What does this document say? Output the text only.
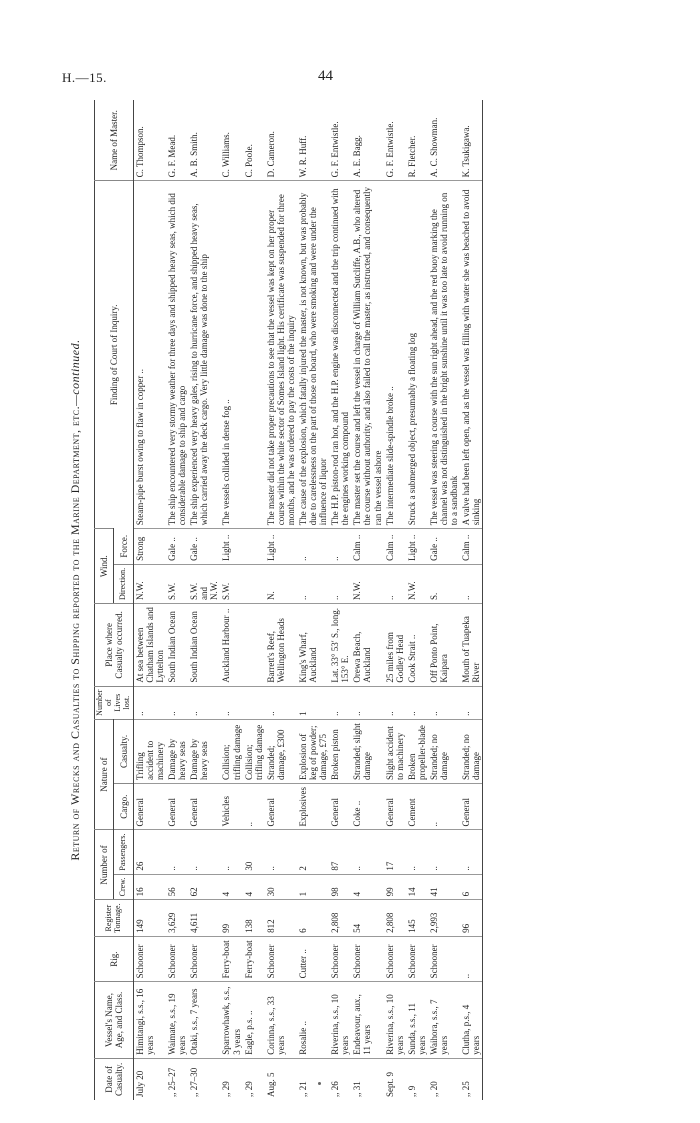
H.—15.	44
Return of Wrecks and Casualties to Shipping reported to the Marine Department, etc.—continued.
Date of Casualty.	Vessel's Name, Age, and Class.	Rig.	Register Tonnage.	Number of		Nature of		Number of Lives lost.	Place where Casualty occurred.	Wind.		Finding of Court of Inquiry.	Name of Master.
				Crew.	Passengers.	Cargo.	Casualty.			Direction.	Force.		
July 20	Himitangi, s.s., 16 years	Schooner	149	16	26	General	Trifling accident to machinery	..	At sea between Chatham Islands and Lyttelton	N.W.	Strong	Steam-pipe burst owing to flaw in copper ..	C. Thompson.
,, 25–27	Waimate, s.s., 19 years	Schooner	3,629	56	..	General	Damage by heavy seas	..	South Indian Ocean	S.W.	Gale ..	The ship encountered very stormy weather for three days and shipped heavy seas, which did considerable damage to ship and cargo	G. F. Mead.
,, 27–30	Otaki, s.s., 7 years	Schooner	4,611	62	..	General	Damage by heavy seas	..	South Indian Ocean	S.W. and N.W.	Gale ..	The ship experienced very heavy gales, rising to hurricane force, and shipped heavy seas, which carried away the deck cargo. Very little damage was done to the ship	A. B. Smith.
,, 29	Sparrowhawk, s.s., 3 years	Ferry-boat	99	4	..	Vehicles	Collision; trifling damage	..	Auckland Harbour ..	S.W.	Light ..	The vessels collided in dense fog ..	C. Williams.
,, 29	Eagle, p.s. ..	Ferry-boat	138	4	30	..	Collision; trifling damage						C. Poole.
Aug. 5	Corinna, s.s., 33 years	Schooner	812	30	..	General	Stranded; damage, £300	..	Barrett's Reef, Wellington Heads	N.	Light ..	The master did not take proper precautions to see that the vessel was kept on her proper course within the white sector of Somes Island light. His certificate was suspended for three months, and he was ordered to pay the costs of the inquiry	D. Cameron.
,, 21	Rosalie ..	Cutter ..	6	1	2	Explosives	Explosion of keg of powder; damage, £75	1	King's Wharf, Auckland	..	..	The cause of the explosion, which fatally injured the master, is not known, but was probably due to carelessness on the part of those on board, who were smoking and were under the influence of liquor	W. R. Huff.
,, 26	Riverina, s.s., 10 years	Schooner	2,808	98	87	General	Broken piston	..	Lat. 33° 53′ S., long. 153° E.	..	..	The H.P. piston-rod ran hot, and the H.P. engine was disconnected and the trip continued with the engines working compound	G. F. Entwistle.
,, 31	Endeavour, aux., 11 years	Schooner	54	4	..	Coke ..	Stranded; slight damage	..	Orewa Beach, Auckland	N.W.	Calm ..	The master set the course and left the vessel in charge of William Sutcliffe, A.B., who altered the course without authority, and also failed to call the master, as instructed, and consequently ran the vessel ashore	A. E. Bagg.
Sept. 9	Riverina, s.s., 10 years	Schooner	2,808	99	17	General	Slight accident to machinery	..	25 miles from Godley Head	..	Calm ..	The intermediate slide-spindle broke ..	G. F. Entwistle.
,, 9	Sunda, s.s., 11 years	Schooner	145	14	..	Cement	Broken propeller-blade	..	Cook Strait ..	N.W.	Light ..	Struck a submerged object, presumably a floating log	R. Fletcher.
,, 20	Waihora, s.s., 7 years	Schooner	2,993	41	..	..	Stranded; no damage	..	Off Ponto Point, Kaipara	S.	Gale ..	The vessel was steering a course with the sun right ahead, and the red buoy marking the channel was not distinguished in the bright sunshine until it was too late to avoid running on to a sandbank	A. C. Showman.
,, 25	Clutha, p.s., 4 years	..	96	6	..	General	Stranded; no damage	..	Mouth of Tuapeka River	..	Calm ..	A valve had been left open, and as the vessel was filling with water she was beached to avoid sinking	K. Tsukigawa.
